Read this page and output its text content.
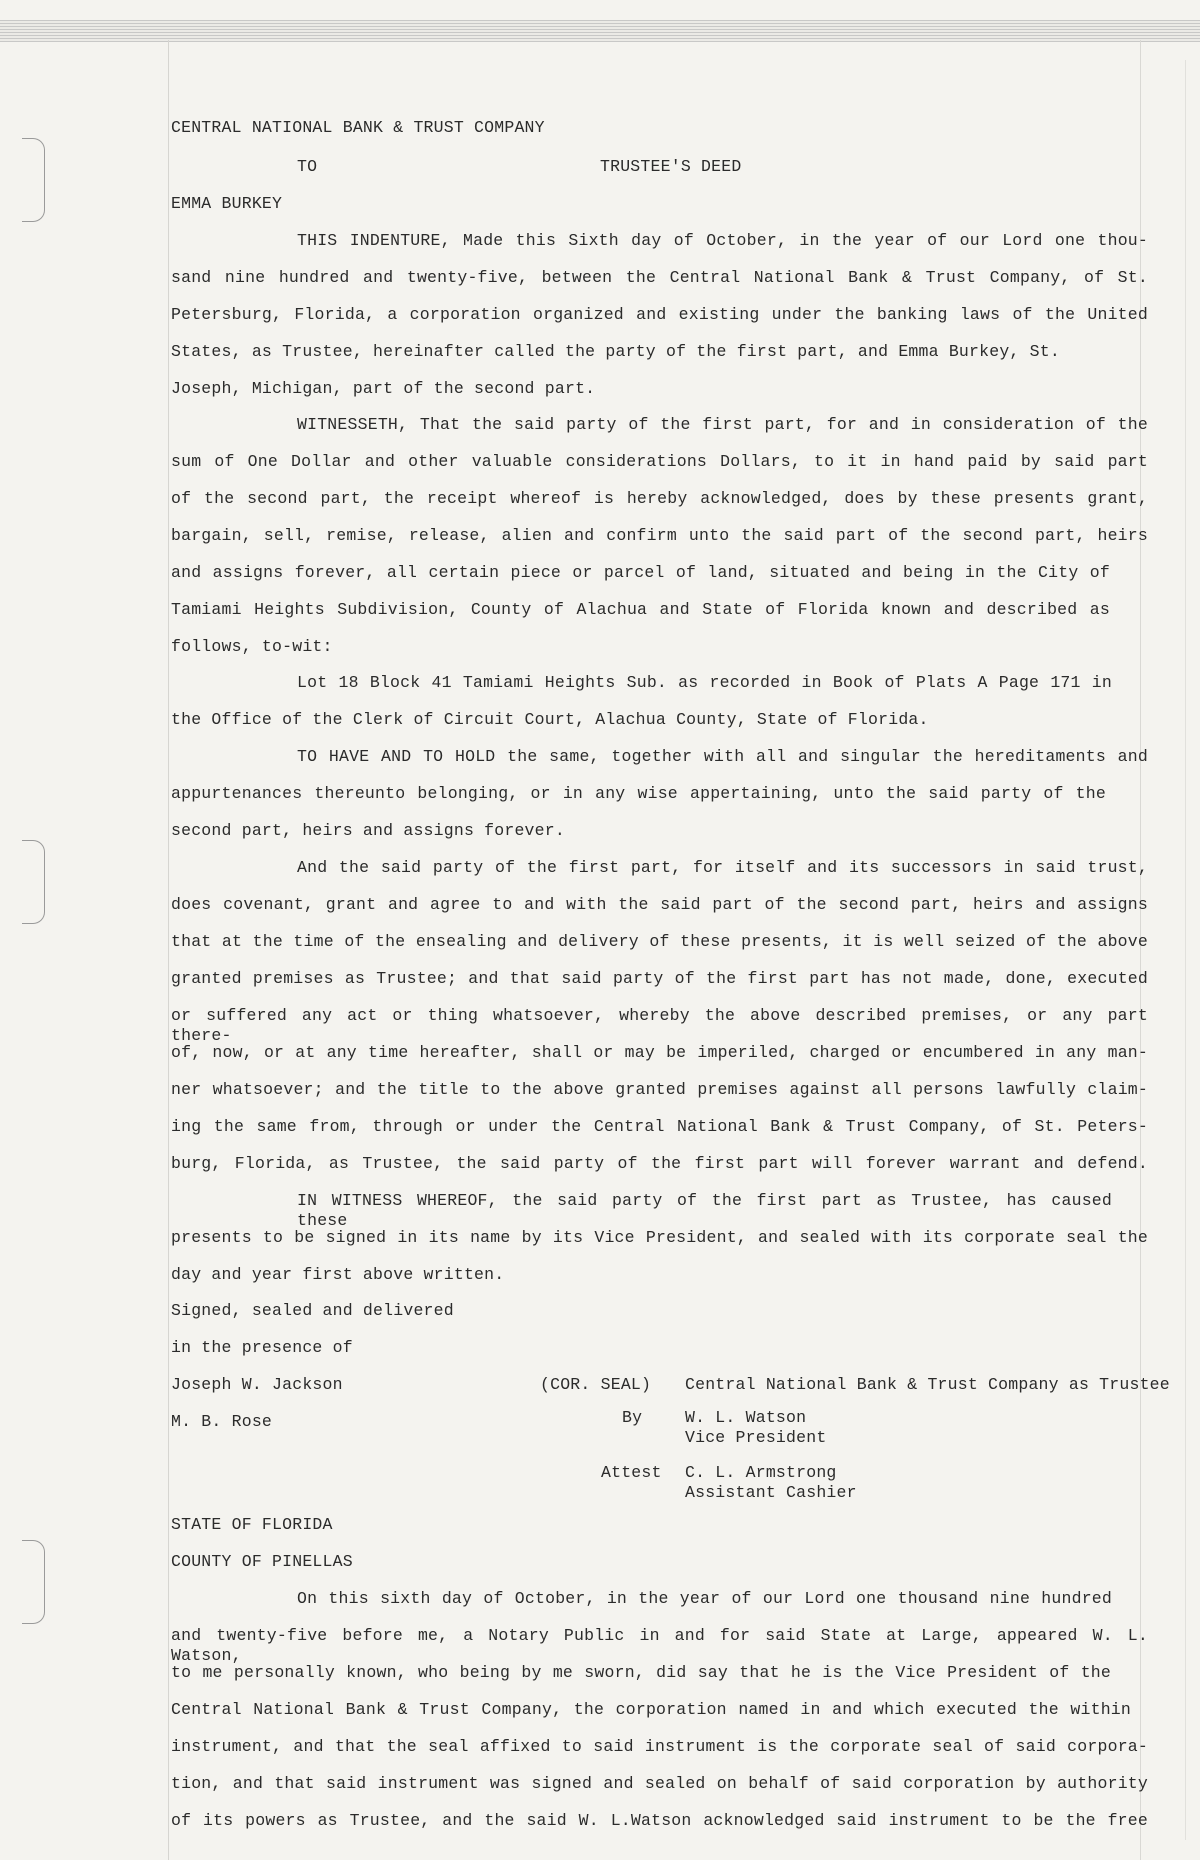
CENTRAL NATIONAL BANK & TRUST COMPANY
TO	TRUSTEE'S DEED
EMMA BURKEY
THIS INDENTURE, Made this Sixth day of October, in the year of our Lord one thou-
sand nine hundred and twenty-five, between the Central National Bank & Trust Company, of St.
Petersburg, Florida, a corporation organized and existing under the banking laws of the United
States, as Trustee, hereinafter called the party of the first part, and Emma Burkey, St.
Joseph, Michigan, part of the second part.
WITNESSETH, That the said party of the first part, for and in consideration of the
sum of One Dollar and other valuable considerations Dollars, to it in hand paid by said part
of the second part, the receipt whereof is hereby acknowledged, does by these presents grant,
bargain, sell, remise, release, alien and confirm unto the said part of the second part, heirs
and assigns forever, all certain piece or parcel of land, situated and being in the City of
Tamiami Heights Subdivision, County of Alachua and State of Florida known and described as
follows, to-wit:
Lot 18 Block 41 Tamiami Heights Sub. as recorded in Book of Plats A Page 171 in
the Office of the Clerk of Circuit Court, Alachua County, State of Florida.
TO HAVE AND TO HOLD the same, together with all and singular the hereditaments and
appurtenances thereunto belonging, or in any wise appertaining, unto the said party of the
second part, heirs and assigns forever.
And the said party of the first part, for itself and its successors in said trust,
does covenant, grant and agree to and with the said part of the second part, heirs and assigns
that at the time of the ensealing and delivery of these presents, it is well seized of the above
granted premises as Trustee; and that said party of the first part has not made, done, executed
or suffered any act or thing whatsoever, whereby the above described premises, or any part there-
of, now, or at any time hereafter, shall or may be imperiled, charged or encumbered in any man-
ner whatsoever; and the title to the above granted premises against all persons lawfully claim-
ing the same from, through or under the Central National Bank & Trust Company, of St. Peters-
burg, Florida, as Trustee, the said party of the first part will forever warrant and defend.
IN WITNESS WHEREOF, the said party of the first part as Trustee, has caused these
presents to be signed in its name by its Vice President, and sealed with its corporate seal the
day and year first above written.
Signed, sealed and delivered
in the presence of
Joseph W. Jackson
M. B. Rose
(COR. SEAL) Central National Bank & Trust Company as Trustee
By	W. L. Watson
Vice President
Attest C. L. Armstrong
Assistant Cashier
STATE OF FLORIDA
COUNTY OF PINELLAS
On this sixth day of October, in the year of our Lord one thousand nine hundred
and twenty-five before me, a Notary Public in and for said State at Large, appeared W. L. Watson,
to me personally known, who being by me sworn, did say that he is the Vice President of the
Central National Bank & Trust Company, the corporation named in and which executed the within
instrument, and that the seal affixed to said instrument is the corporate seal of said corpora-
tion, and that said instrument was signed and sealed on behalf of said corporation by authority
of its powers as Trustee, and the said W. L.Watson acknowledged said instrument to be the free
